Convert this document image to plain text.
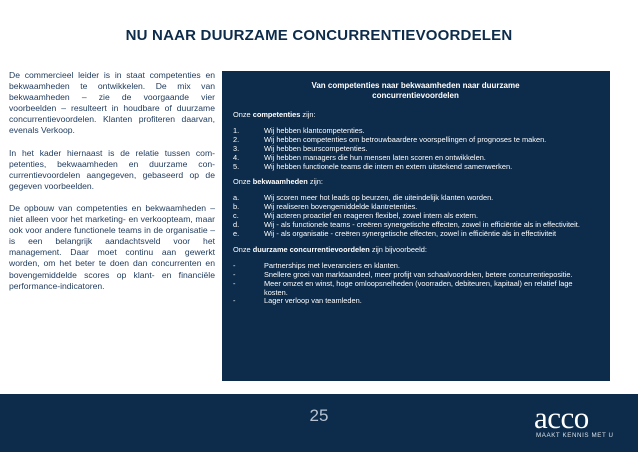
NU NAAR DUURZAME CONCURRENTIEVOORDELEN

De commercieel leider is in staat competenties en bekwaamheden te ontwikkelen. De mix van bekwaamheden – zie de voorgaande vier voorbeelden – resulteert in houdbare of duurzame concurrentievoordelen. Klanten profiteren daarvan, evenals Verkoop.

In het kader hiernaast is de relatie tussen competenties, bekwaamheden en duurzame concurrentievoordelen aangegeven, gebaseerd op de gegeven voorbeelden.

De opbouw van competenties en bekwaamheden – niet alleen voor het marketing- en verkoopteam, maar ook voor andere functionele teams in de organisatie – is een belangrijk aandachtsveld voor het management. Daar moet continu aan gewerkt worden, om het beter te doen dan concurrenten en bovengemiddelde scores op klant- en financiële performance-indicatoren.

Van competenties naar bekwaamheden naar duurzame concurrentievoordelen
Onze competenties zijn:
1.	Wij hebben klantcompetenties.
2.	Wij hebben competenties om betrouwbaardere voorspellingen of prognoses te maken.
3.	Wij hebben beurscompetenties.
4.	Wij hebben managers die hun mensen laten scoren en ontwikkelen.
5.	Wij hebben functionele teams die intern en extern uitstekend samenwerken.
Onze bekwaamheden zijn:
a.	Wij scoren meer hot leads op beurzen, die uiteindelijk klanten worden.
b.	Wij realiseren bovengemiddelde klantretenties.
c.	Wij acteren proactief en reageren flexibel, zowel intern als extern.
d.	Wij - als functionele teams - creëren synergetische effecten, zowel in efficiëntie als in effectiviteit.
e.	Wij - als organisatie - creëren synergetische effecten, zowel in efficiëntie als in effectiviteit
Onze duurzame concurrentievoordelen zijn bijvoorbeeld:
-	Partnerships met leveranciers en klanten.
-	Snellere groei van marktaandeel, meer profijt van schaalvoordelen, betere concurrentiepositie.
-	Meer omzet en winst, hoge omloopsnelheden (voorraden, debiteuren, kapitaal) en relatief lage kosten.
-	Lager verloop van teamleden.
25	acco
MAAKT KENNIS MET U
